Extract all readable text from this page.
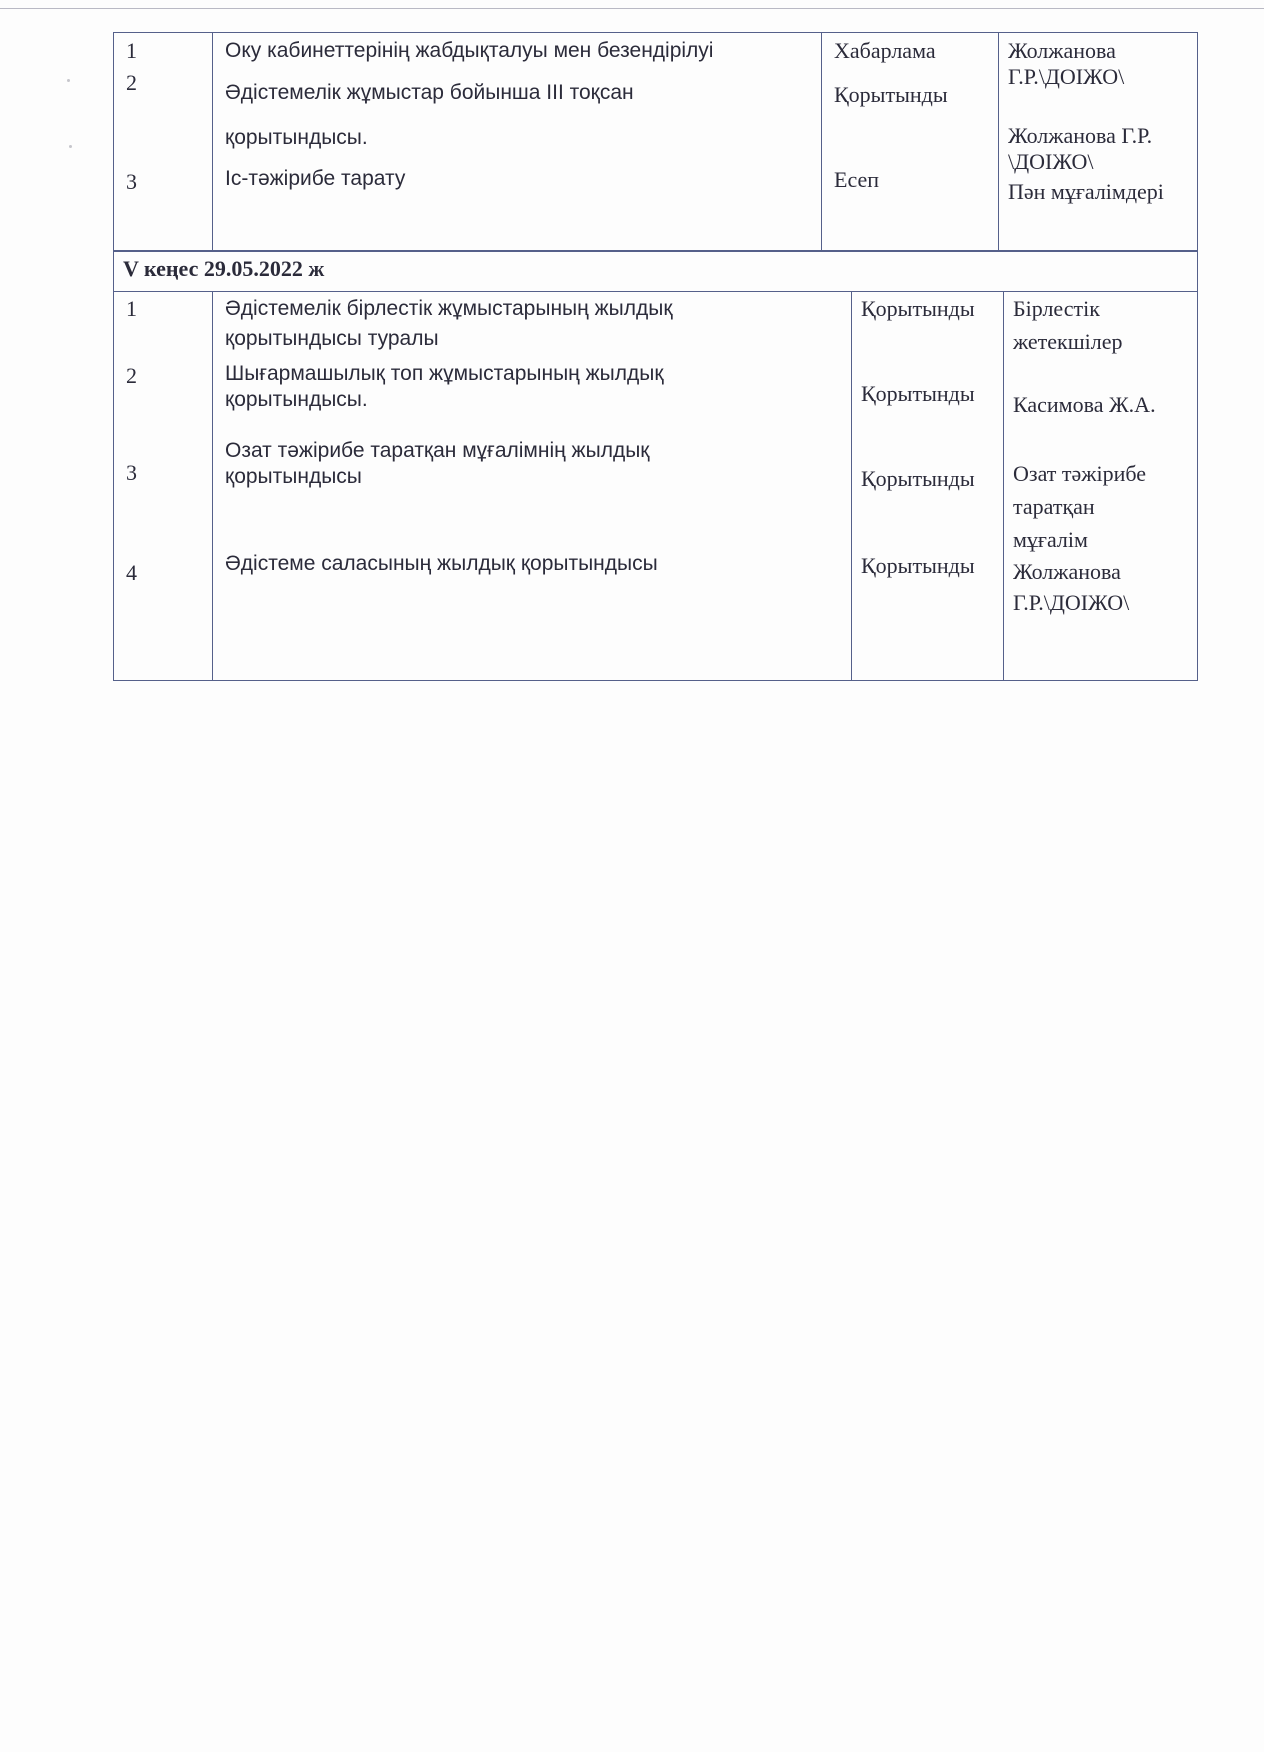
1
2
3
Оку кабинеттерінің жабдықталуы мен безендірілуі
Әдістемелік жұмыстар бойынша ІІІ тоқсан
қорытындысы.
Іс-тәжірибе тарату
Хабарлама
Қорытынды
Есеп
Жолжанова
Г.Р.\ДОІЖО\
Жолжанова Г.Р.
\ДОІЖО\
Пән мұғалімдері
V кеңес 29.05.2022 ж
1
2
3
4
Әдістемелік бірлестік жұмыстарының жылдық
қорытындысы туралы
Шығармашылық топ жұмыстарының жылдық
қорытындысы.
Озат тәжірибе таратқан мұғалімнің жылдық
қорытындысы
Әдістеме саласының жылдық қорытындысы
Қорытынды
Қорытынды
Қорытынды
Қорытынды
Бірлестік
жетекшілер
Касимова Ж.А.
Озат тәжірибе
таратқан
мұғалім
Жолжанова
Г.Р.\ДОІЖО\
